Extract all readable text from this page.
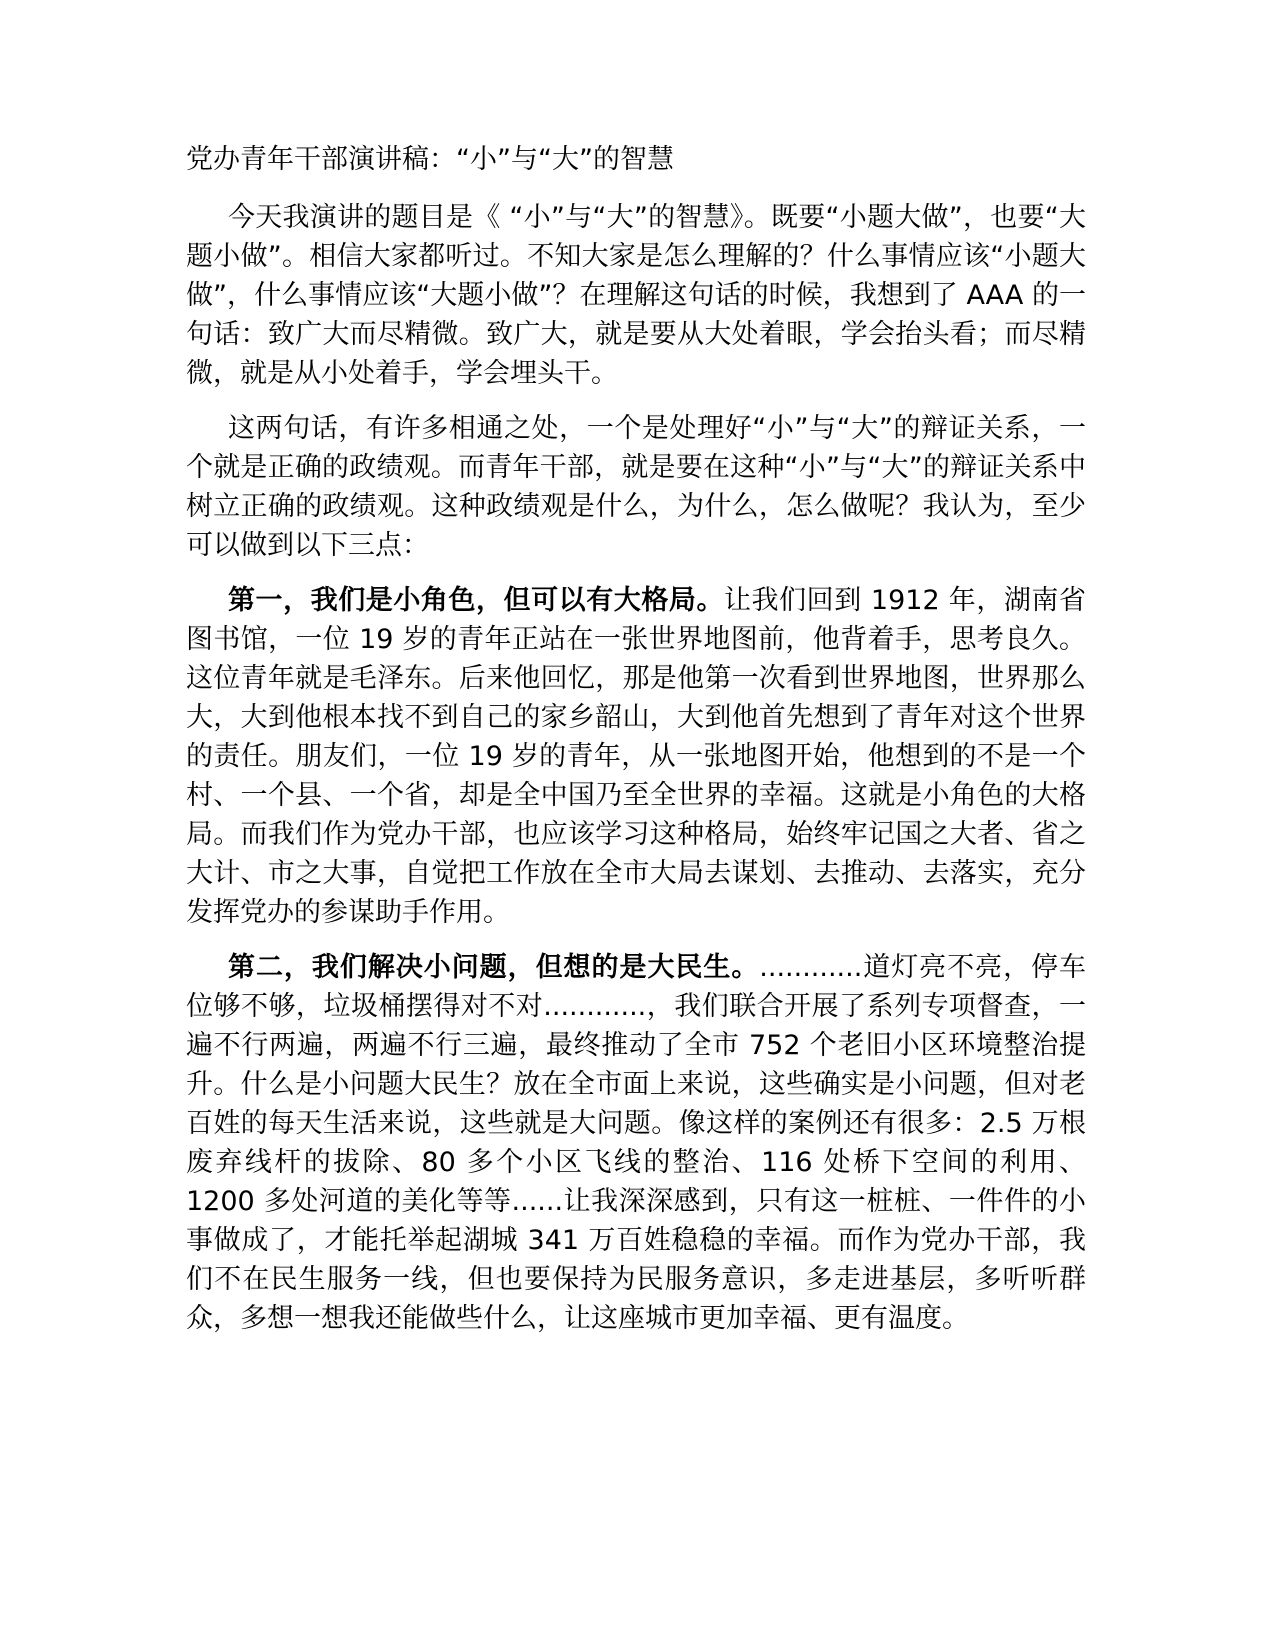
党办青年干部演讲稿：“小”与“大”的智慧

今天我演讲的题目是《 “小”与“大”的智慧》。既要“小题大做”，也要“大题小做”。相信大家都听过。不知大家是怎么理解的？什么事情应该“小题大做”，什么事情应该“大题小做”？在理解这句话的时候，我想到了 AAA 的一句话：致广大而尽精微。致广大，就是要从大处着眼，学会抬头看；而尽精微，就是从小处着手，学会埋头干。

这两句话，有许多相通之处，一个是处理好“小”与“大”的辩证关系，一个就是正确的政绩观。而青年干部，就是要在这种“小”与“大”的辩证关系中树立正确的政绩观。这种政绩观是什么，为什么，怎么做呢？我认为，至少可以做到以下三点：

第一，我们是小角色，但可以有大格局。让我们回到 1912 年，湖南省图书馆，一位 19 岁的青年正站在一张世界地图前，他背着手，思考良久。这位青年就是毛泽东。后来他回忆，那是他第一次看到世界地图，世界那么大，大到他根本找不到自己的家乡韶山，大到他首先想到了青年对这个世界的责任。朋友们，一位 19 岁的青年，从一张地图开始，他想到的不是一个村、一个县、一个省，却是全中国乃至全世界的幸福。这就是小角色的大格局。而我们作为党办干部，也应该学习这种格局，始终牢记国之大者、省之大计、市之大事，自觉把工作放在全市大局去谋划、去推动、去落实，充分发挥党办的参谋助手作用。

第二，我们解决小问题，但想的是大民生。............道灯亮不亮，停车位够不够，垃圾桶摆得对不对............，我们联合开展了系列专项督查，一遍不行两遍，两遍不行三遍，最终推动了全市 752 个老旧小区环境整治提升。什么是小问题大民生？放在全市面上来说，这些确实是小问题，但对老百姓的每天生活来说，这些就是大问题。像这样的案例还有很多：2.5 万根废弃线杆的拔除、80 多个小区飞线的整治、116 处桥下空间的利用、1200 多处河道的美化等等......让我深深感到，只有这一桩桩、一件件的小事做成了，才能托举起湖城 341 万百姓稳稳的幸福。而作为党办干部，我们不在民生服务一线，但也要保持为民服务意识，多走进基层，多听听群众，多想一想我还能做些什么，让这座城市更加幸福、更有温度。
